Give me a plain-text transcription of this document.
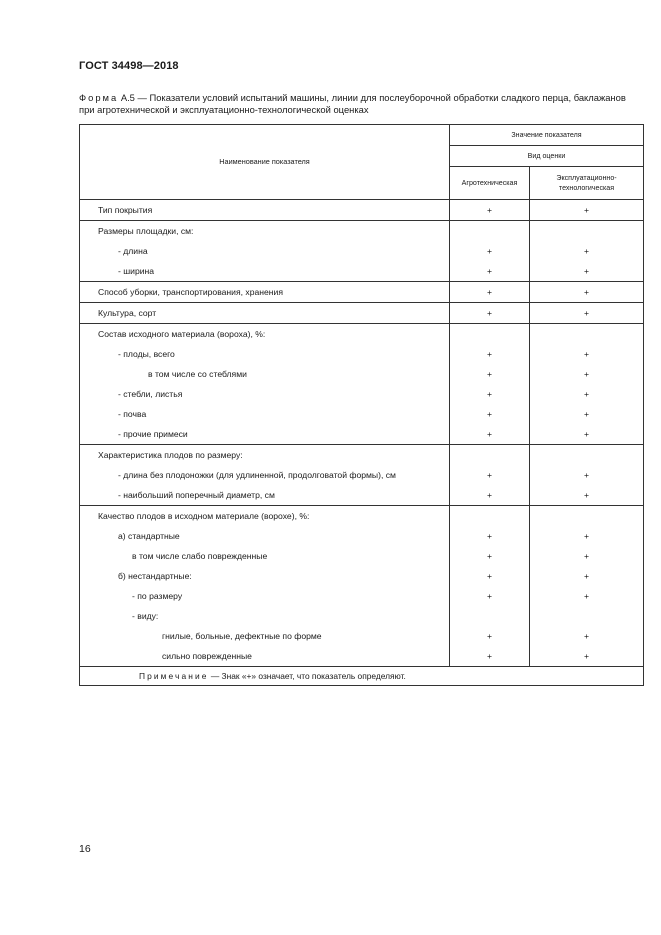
ГОСТ 34498—2018
Форма А.5 — Показатели условий испытаний машины, линии для послеуборочной обработки сладкого перца, баклажанов при агротехнической и эксплуатационно-технологической оценках
Наименование показателя	Значение показателя	
	Вид оценки	
	Агротехническая	Эксплуатационно-технологическая
Тип покрытия	+	+
Размеры площадки, см:		
- длина	+	+
- ширина	+	+
Способ уборки, транспортирования, хранения	+	+
Культура, сорт	+	+
Состав исходного материала (вороха), %:		
- плоды, всего	+	+
в том числе со стеблями	+	+
- стебли, листья	+	+
- почва	+	+
- прочие примеси	+	+
Характеристика плодов по размеру:		
- длина без плодоножки (для удлиненной, продолговатой формы), см	+	+
- наибольший поперечный диаметр, см	+	+
Качество плодов в исходном материале (ворохе), %:		
а) стандартные	+	+
в том числе слабо поврежденные	+	+
б) нестандартные:	+	+
- по размеру	+	+
- виду:		
гнилые, больные, дефектные по форме	+	+
сильно поврежденные	+	+
Примечание — Знак «+» означает, что показатель определяют.		
16
